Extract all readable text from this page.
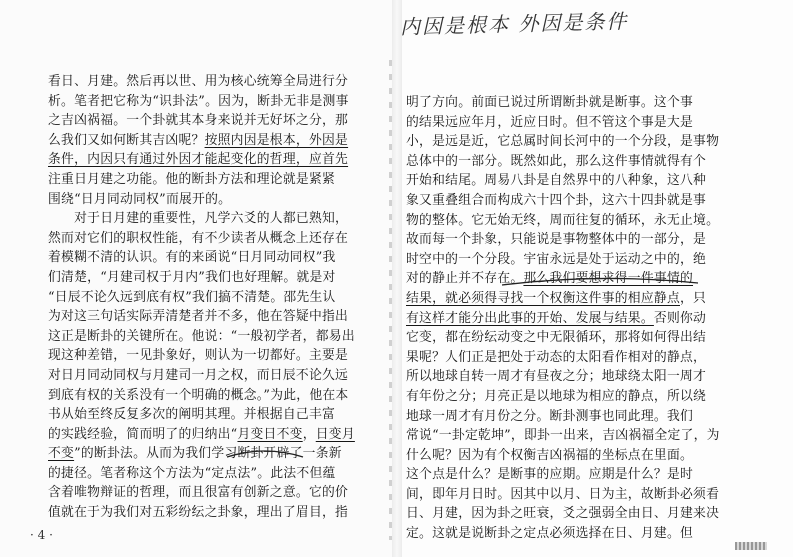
内因是根本 外因是条件
看日、月建。然后再以世、用为核心统筹全局进行分
析。笔者把它称为“识卦法”。因为，断卦无非是测事
之吉凶祸福。一个卦就其本身来说并无好坏之分，那
么我们又如何断其吉凶呢？按照内因是根本，外因是
条件，内因只有通过外因才能起变化的哲理，应首先
注重日月建之功能。他的断卦方法和理论就是紧紧
围绕“日月同动同权”而展开的。
　　对于日月建的重要性，凡学六爻的人都已熟知，
然而对它们的职权性能，有不少读者从概念上还存在
着模糊不清的认识。有的来函说“日月同动同权”我
们清楚，“月建司权于月内”我们也好理解。就是对
“日辰不论久远到底有权”我们搞不清楚。邵先生认
为对这三句话实际弄清楚者并不多，他在答疑中指出
这正是断卦的关键所在。他说：“一般初学者，都易出
现这种差错，一见卦象好，则认为一切都好。主要是
对日月同动同权与月建司一月之权，而日辰不论久远
到底有权的关系没有一个明确的概念。”为此，他在本
书从始至终反复多次的阐明其理。并根据自己丰富
的实践经验，简而明了的归纳出“月变日不变，日变月
不变”的断卦法。从而为我们学习断卦开辟了一条新
的捷径。笔者称这个方法为“定点法”。此法不但蕴
含着唯物辩证的哲理，而且很富有创新之意。它的价
值就在于为我们对五彩纷纭之卦象，理出了眉目，指
明了方向。前面已说过所谓断卦就是断事。这个事
的结果远应年月，近应日时。但不管这个事是大是
小，是远是近，它总属时间长河中的一个分段，是事物
总体中的一部分。既然如此，那么这件事情就得有个
开始和结尾。周易八卦是自然界中的八种象，这八种
象又重叠组合而构成六十四个卦，这六十四卦就是事
物的整体。它无始无终，周而往复的循环，永无止境。
故而每一个卦象，只能说是事物整体中的一部分，是
时空中的一个分段。宇宙永远是处于运动之中的，绝
对的静止并不存在。那么我们要想求得一件事情的
结果，就必须得寻找一个权衡这件事的相应静点，只
有这样才能分出此事的开始、发展与结果。否则你动
它变，都在纷纭动变之中无限循环，那将如何得出结
果呢？人们正是把处于动态的太阳看作相对的静点，
所以地球自转一周才有昼夜之分；地球绕太阳一周才
有年份之分；月亮正是以地球为相应的静点，所以绕
地球一周才有月份之分。断卦测事也同此理。我们
常说“一卦定乾坤”，即卦一出来，吉凶祸福全定了，为
什么呢？因为有个权衡吉凶祸福的坐标点在里面。
这个点是什么？是断事的应期。应期是什么？是时
间，即年月日时。因其中以月、日为主，故断卦必须看
日、月建，因为卦之旺衰，爻之强弱全由日、月建来决
定。这就是说断卦之定点必须选择在日、月建。但
· 4 ·
